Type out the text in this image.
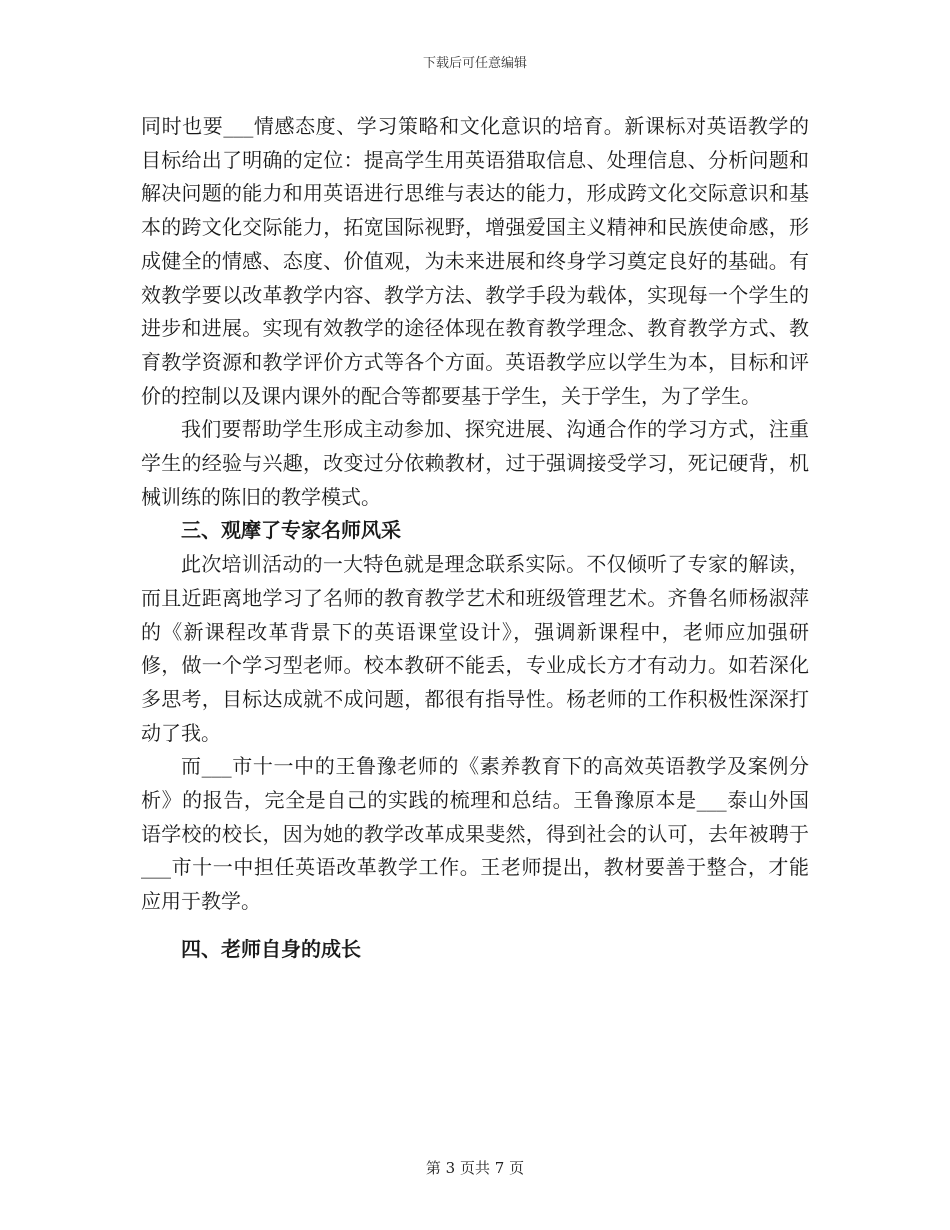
下载后可任意编辑

同时也要___情感态度、学习策略和文化意识的培育。新课标对英语教学的目标给出了明确的定位：提高学生用英语猎取信息、处理信息、分析问题和解决问题的能力和用英语进行思维与表达的能力，形成跨文化交际意识和基本的跨文化交际能力，拓宽国际视野，增强爱国主义精神和民族使命感，形成健全的情感、态度、价值观，为未来进展和终身学习奠定良好的基础。有效教学要以改革教学内容、教学方法、教学手段为载体，实现每一个学生的进步和进展。实现有效教学的途径体现在教育教学理念、教育教学方式、教育教学资源和教学评价方式等各个方面。英语教学应以学生为本，目标和评价的控制以及课内课外的配合等都要基于学生，关于学生，为了学生。

我们要帮助学生形成主动参加、探究进展、沟通合作的学习方式，注重学生的经验与兴趣，改变过分依赖教材，过于强调接受学习，死记硬背，机械训练的陈旧的教学模式。

三、观摩了专家名师风采

此次培训活动的一大特色就是理念联系实际。不仅倾听了专家的解读，而且近距离地学习了名师的教育教学艺术和班级管理艺术。齐鲁名师杨淑萍的《新课程改革背景下的英语课堂设计》，强调新课程中，老师应加强研修，做一个学习型老师。校本教研不能丢，专业成长方才有动力。如若深化多思考，目标达成就不成问题，都很有指导性。杨老师的工作积极性深深打动了我。

而___市十一中的王鲁豫老师的《素养教育下的高效英语教学及案例分析》的报告，完全是自己的实践的梳理和总结。王鲁豫原本是___泰山外国语学校的校长，因为她的教学改革成果斐然，得到社会的认可，去年被聘于___市十一中担任英语改革教学工作。王老师提出，教材要善于整合，才能应用于教学。

四、老师自身的成长

第 3 页共 7 页
